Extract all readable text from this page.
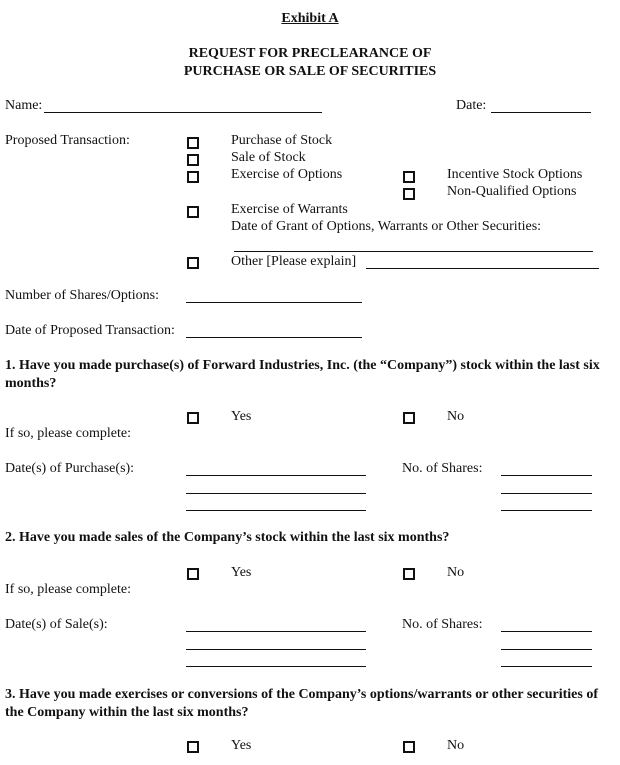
Exhibit A
REQUEST FOR PRECLEARANCE OF
PURCHASE OR SALE OF SECURITIES
Name:	Date:
Proposed Transaction:	Purchase of Stock
Sale of Stock
Exercise of Options	Incentive Stock Options
Non-Qualified Options
Exercise of Warrants
Date of Grant of Options, Warrants or Other Securities:
Other [Please explain]
Number of Shares/Options:
Date of Proposed Transaction:
1. Have you made purchase(s) of Forward Industries, Inc. (the “Company”) stock within the last six months?
Yes	No
If so, please complete:
Date(s) of Purchase(s):	No. of Shares:
2. Have you made sales of the Company’s stock within the last six months?
Yes	No
If so, please complete:
Date(s) of Sale(s):	No. of Shares:
3. Have you made exercises or conversions of the Company’s options/warrants or other securities of the Company within the last six months?
Yes	No
